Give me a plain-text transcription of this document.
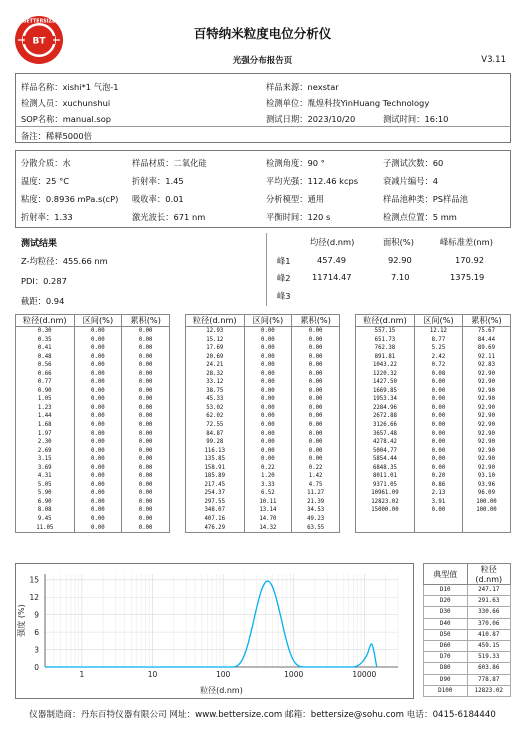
BT
BETTERSIZE
百特纳米粒度电位分析仪
光强分布报告页	V3.11
样品名称：xishi*1 气泡-1	样品来源：nexstar
检测人员：xuchunshui	检测单位：胤煌科技YinHuang Technology
SOP名称：manual.sop	测试日期：2023/10/20	测试时间：16:10
备注：稀释5000倍
分散介质：水	样品材质：二氧化硅	检测角度：90 °	子测试次数：60
温度：25 °C	折射率：1.45	平均光强：112.46 kcps	衰减片编号：4
粘度：0.8936 mPa.s(cP) 吸收率：0.01	分析模型：通用	样品池种类：PS样品池
折射率：1.33	激光波长：671 nm	平衡时间：120 s	检测点位置：5 mm
测试结果
Z-均粒径：455.66 nm
PDI：0.287
截距：0.94
均径(d.nm)	面积(%)	峰标准差(nm)
峰1	457.49	92.90	170.92
峰2	11714.47	7.10	1375.19
峰3
粒径(d.nm)	区间(%)	累积(%)
0.30	0.00	0.00
0.35	0.00	0.00
0.41	0.00	0.00
0.48	0.00	0.00
0.56	0.00	0.00
0.66	0.00	0.00
0.77	0.00	0.00
0.90	0.00	0.00
1.05	0.00	0.00
1.23	0.00	0.00
1.44	0.00	0.00
1.68	0.00	0.00
1.97	0.00	0.00
2.30	0.00	0.00
2.69	0.00	0.00
3.15	0.00	0.00
3.69	0.00	0.00
4.31	0.00	0.00
5.05	0.00	0.00
5.90	0.00	0.00
6.90	0.00	0.00
8.08	0.00	0.00
9.45	0.00	0.00
11.05	0.00	0.00
粒径(d.nm)	区间(%)	累积(%)
12.93	0.00	0.00
15.12	0.00	0.00
17.69	0.00	0.00
20.69	0.00	0.00
24.21	0.00	0.00
28.32	0.00	0.00
33.12	0.00	0.00
38.75	0.00	0.00
45.33	0.00	0.00
53.02	0.00	0.00
62.02	0.00	0.00
72.55	0.00	0.00
84.87	0.00	0.00
99.28	0.00	0.00
116.13	0.00	0.00
135.85	0.00	0.00
158.91	0.22	0.22
185.89	1.20	1.42
217.45	3.33	4.75
254.37	6.52	11.27
297.55	10.11	21.39
348.07	13.14	34.53
407.16	14.70	49.23
476.29	14.32	63.55
粒径(d.nm)	区间(%)	累积(%)
557.15	12.12	75.67
651.73	8.77	84.44
762.38	5.25	89.69
891.81	2.42	92.11
1043.22	0.72	92.83
1220.32	0.08	92.90
1427.50	0.00	92.90
1669.85	0.00	92.90
1953.34	0.00	92.90
2284.96	0.00	92.90
2672.88	0.00	92.90
3126.66	0.00	92.90
3657.48	0.00	92.90
4278.42	0.00	92.90
5004.77	0.00	92.90
5854.44	0.00	92.90
6848.35	0.00	92.90
8011.01	0.20	93.10
9371.05	0.86	93.96
10961.09	2.13	96.09
12823.02	3.91	100.00
15000.00	0.00	100.00

0
3
6
9
12
15
1	10	100	1000	10000
粒径(d.nm)
强度 (%)
典型值	粒径(d.nm)
D10	247.17
D20	291.63
D30	330.66
D40	370.06
D50	410.87
D60	459.15
D70	519.33
D80	603.86
D90	778.87
D100	12823.02
仪器制造商：丹东百特仪器有限公司 网址：www.bettersize.com 邮箱：bettersize@sohu.com 电话：0415-6184440
